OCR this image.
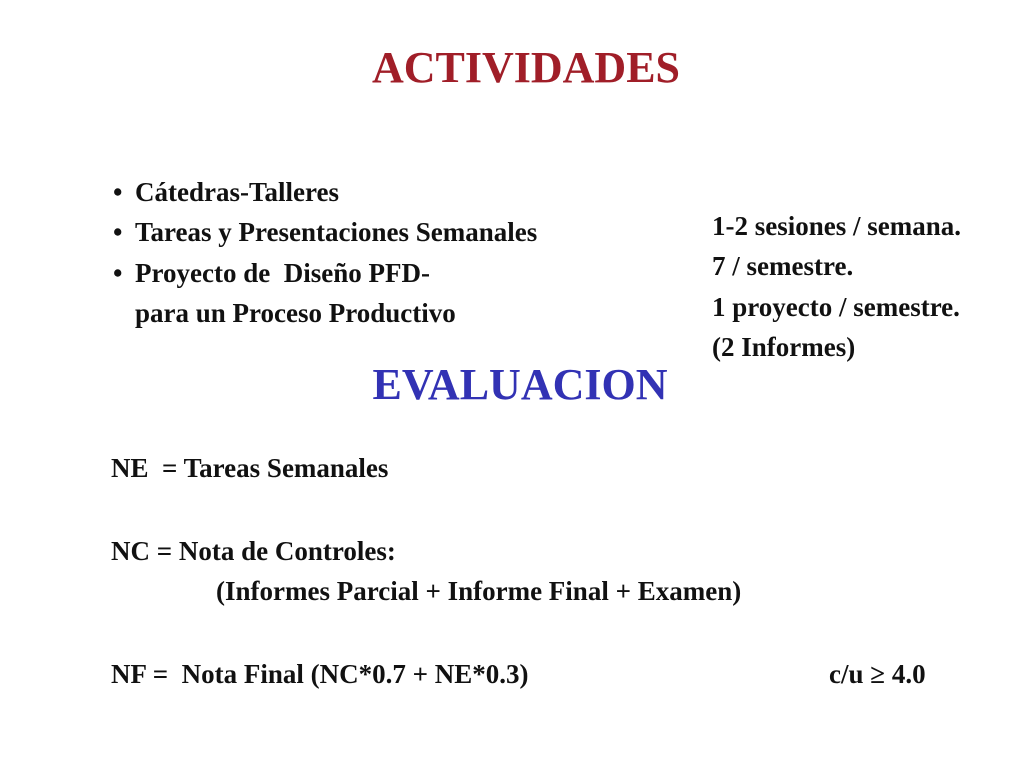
ACTIVIDADES

• Cátedras-Talleres

1-2 sesiones / semana.

• Tareas y Presentaciones Semanales

7 / semestre.

• Proyecto de  Diseño PFD-

1 proyecto / semestre.

para un Proceso Productivo

(2 Informes)

EVALUACION
NE  = Tareas Semanales
NC = Nota de Controles:
(Informes Parcial + Informe Final + Examen)
NF =  Nota Final (NC*0.7 + NE*0.3)	c/u ≥ 4.0
